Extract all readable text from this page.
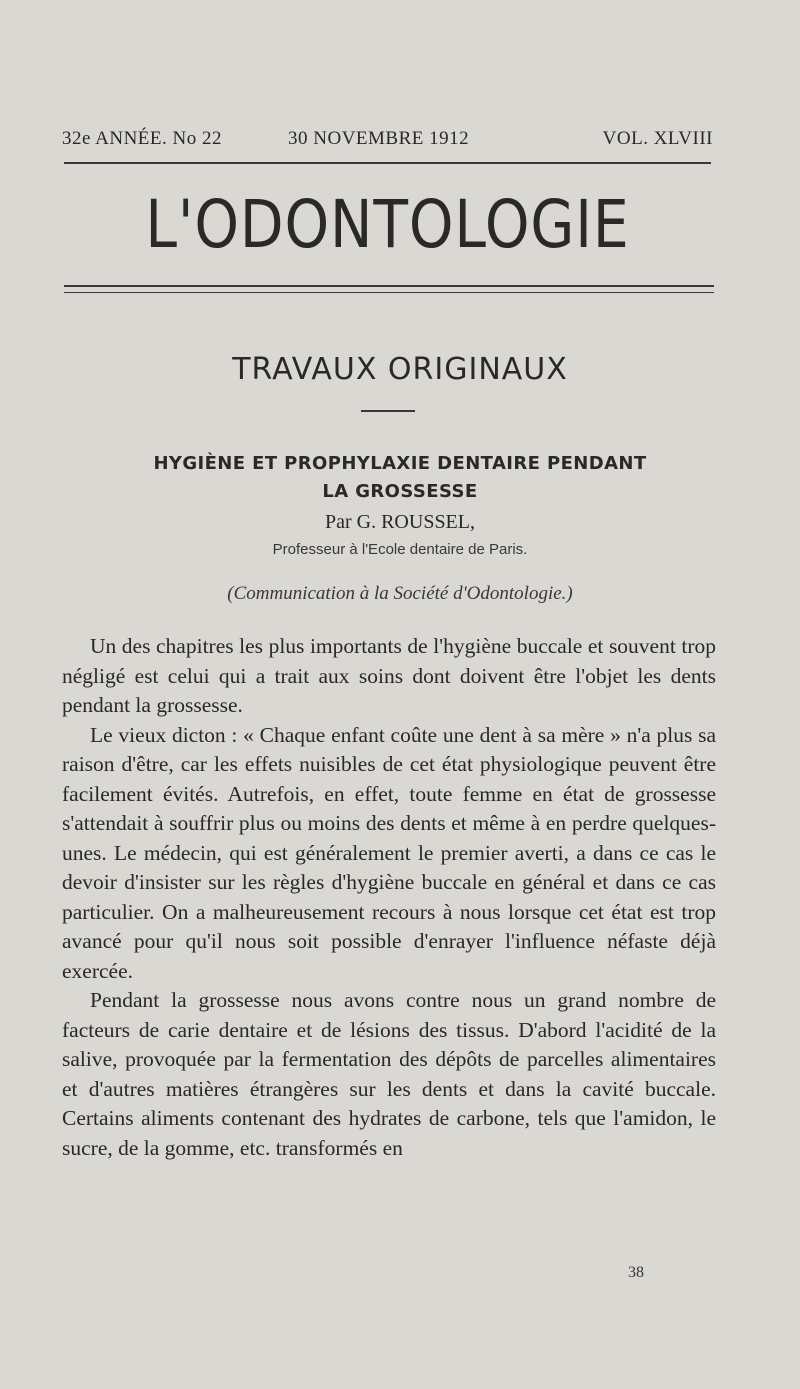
32e ANNÉE. No 22	30 NOVEMBRE 1912	VOL. XLVIII
L'ODONTOLOGIE
TRAVAUX ORIGINAUX
HYGIÈNE ET PROPHYLAXIE DENTAIRE PENDANT
LA GROSSESSE
Par G. ROUSSEL,
Professeur à l'Ecole dentaire de Paris.
(Communication à la Société d'Odontologie.)

Un des chapitres les plus importants de l'hygiène buccale et souvent trop négligé est celui qui a trait aux soins dont doivent être l'objet les dents pendant la grossesse.

Le vieux dicton : « Chaque enfant coûte une dent à sa mère » n'a plus sa raison d'être, car les effets nuisibles de cet état physiologique peuvent être facilement évités. Autrefois, en effet, toute femme en état de grossesse s'attendait à souffrir plus ou moins des dents et même à en perdre quelques-unes. Le médecin, qui est généralement le premier averti, a dans ce cas le devoir d'insister sur les règles d'hygiène buccale en général et dans ce cas particulier. On a malheureusement recours à nous lorsque cet état est trop avancé pour qu'il nous soit possible d'enrayer l'influence néfaste déjà exercée.

Pendant la grossesse nous avons contre nous un grand nombre de facteurs de carie dentaire et de lésions des tissus. D'abord l'acidité de la salive, provoquée par la fermentation des dépôts de parcelles alimentaires et d'autres matières étrangères sur les dents et dans la cavité buccale. Certains aliments contenant des hydrates de carbone, tels que l'amidon, le sucre, de la gomme, etc. transformés en

38
